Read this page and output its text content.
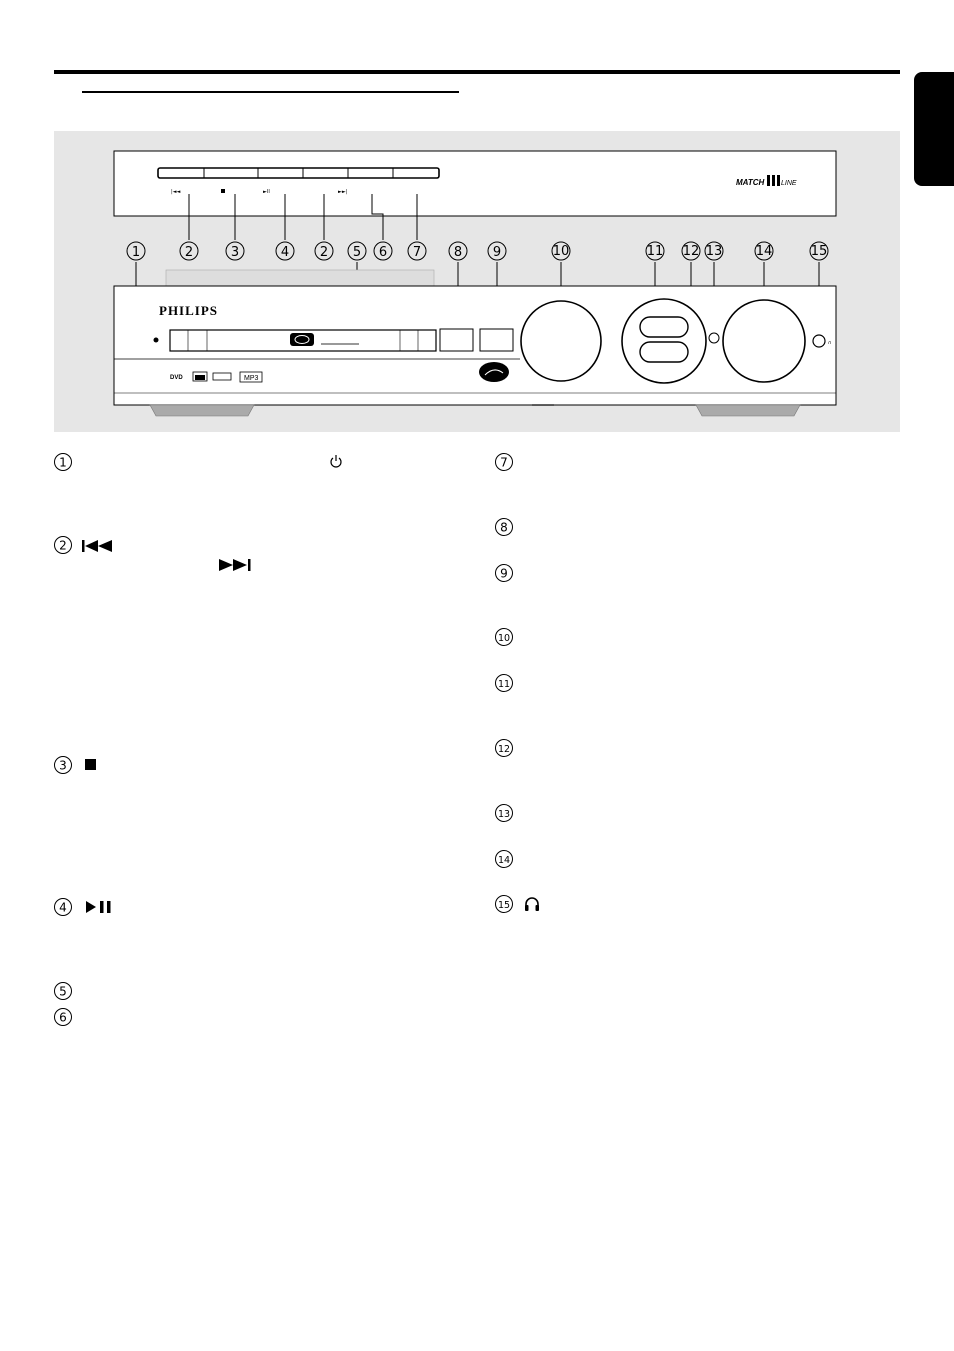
|◄◄	►II	►►|
MATCH LINE
1	2	3	4 2 5 6 7	8 9	10	11 12 13	14	15
PHILIPS
∩
DVD	MP3
1
2
3
4
5
6
7
8
9
10
11
12
13
14
15
